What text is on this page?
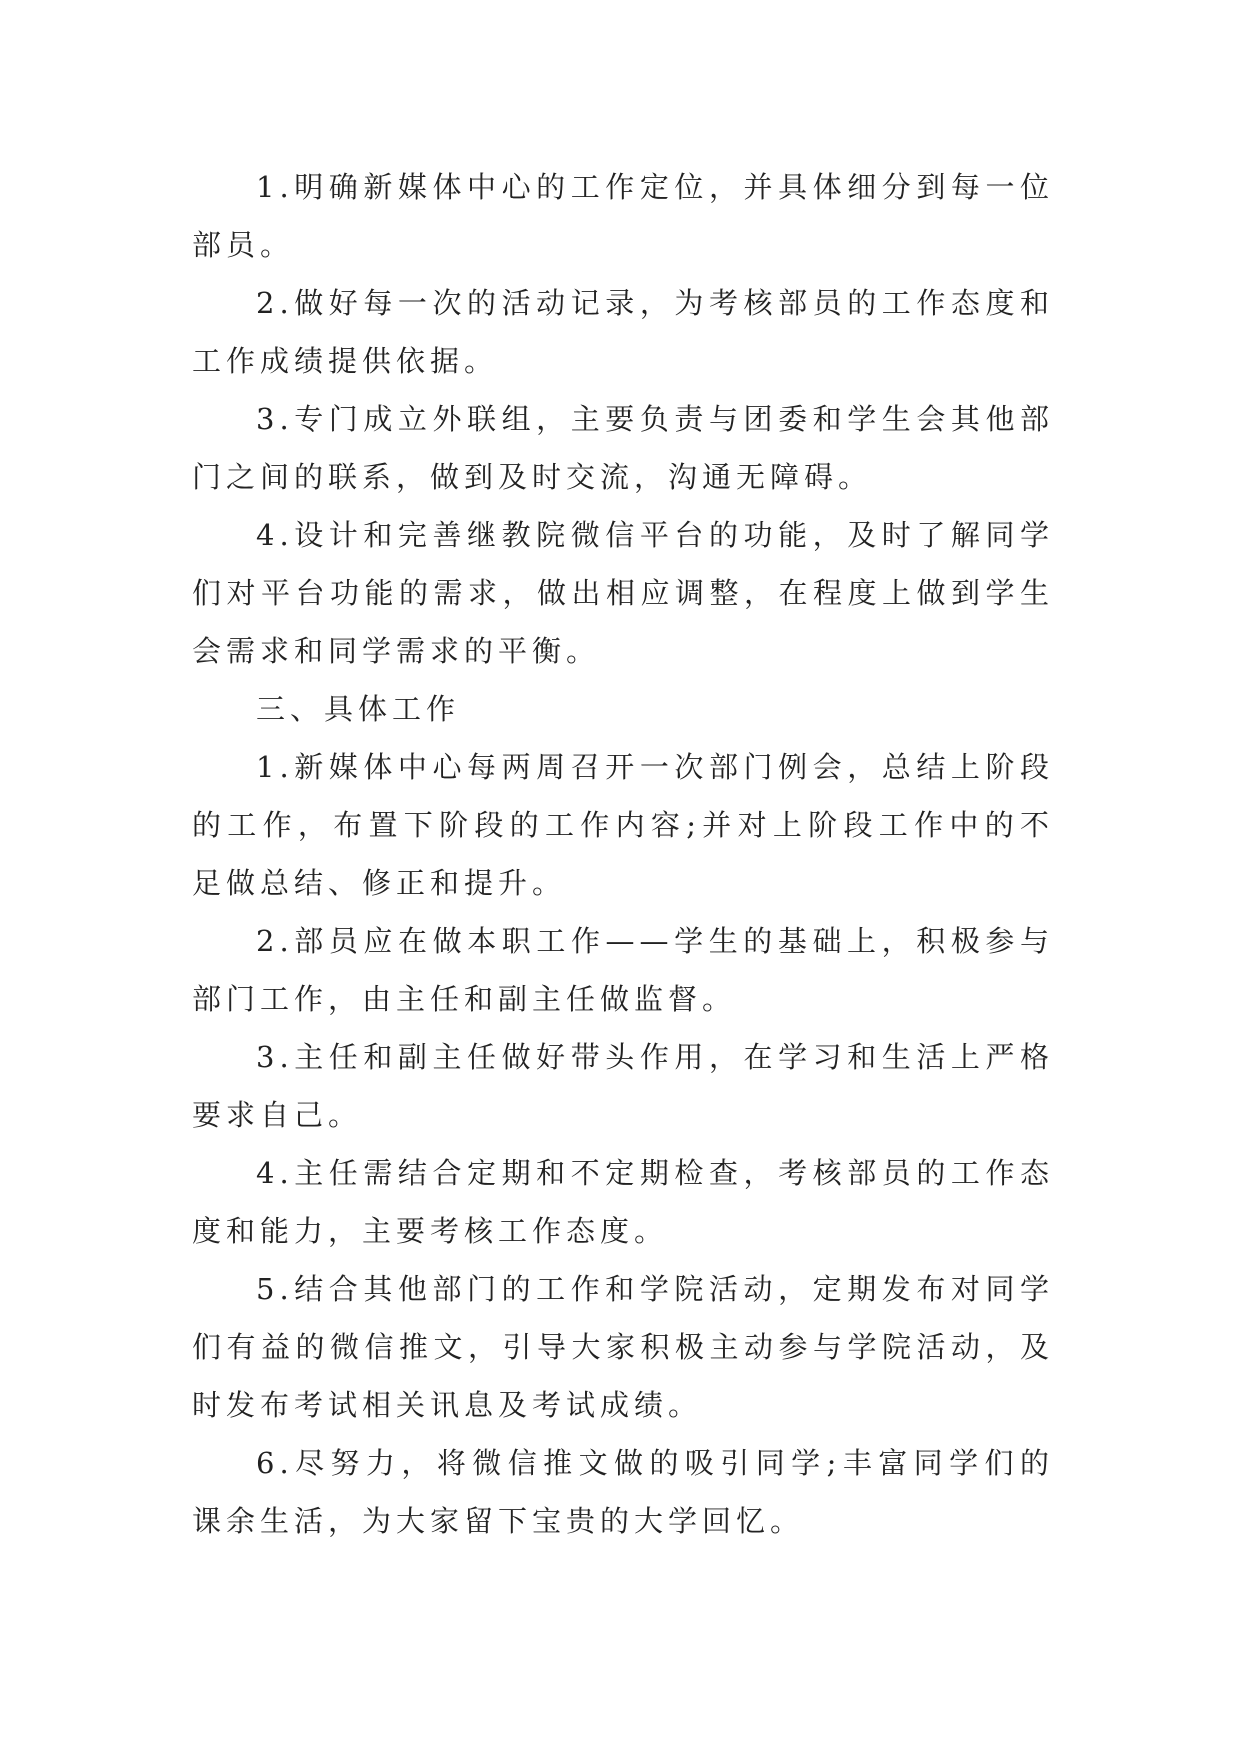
1.明确新媒体中心的工作定位，并具体细分到每一位部员。

2.做好每一次的活动记录，为考核部员的工作态度和工作成绩提供依据。

3.专门成立外联组，主要负责与团委和学生会其他部门之间的联系，做到及时交流，沟通无障碍。

4.设计和完善继教院微信平台的功能，及时了解同学们对平台功能的需求，做出相应调整，在程度上做到学生会需求和同学需求的平衡。

三、具体工作

1.新媒体中心每两周召开一次部门例会，总结上阶段的工作，布置下阶段的工作内容;并对上阶段工作中的不足做总结、修正和提升。

2.部员应在做本职工作——学生的基础上，积极参与部门工作，由主任和副主任做监督。

3.主任和副主任做好带头作用，在学习和生活上严格要求自己。

4.主任需结合定期和不定期检查，考核部员的工作态度和能力，主要考核工作态度。

5.结合其他部门的工作和学院活动，定期发布对同学们有益的微信推文，引导大家积极主动参与学院活动，及时发布考试相关讯息及考试成绩。

6.尽努力，将微信推文做的吸引同学;丰富同学们的课余生活，为大家留下宝贵的大学回忆。
